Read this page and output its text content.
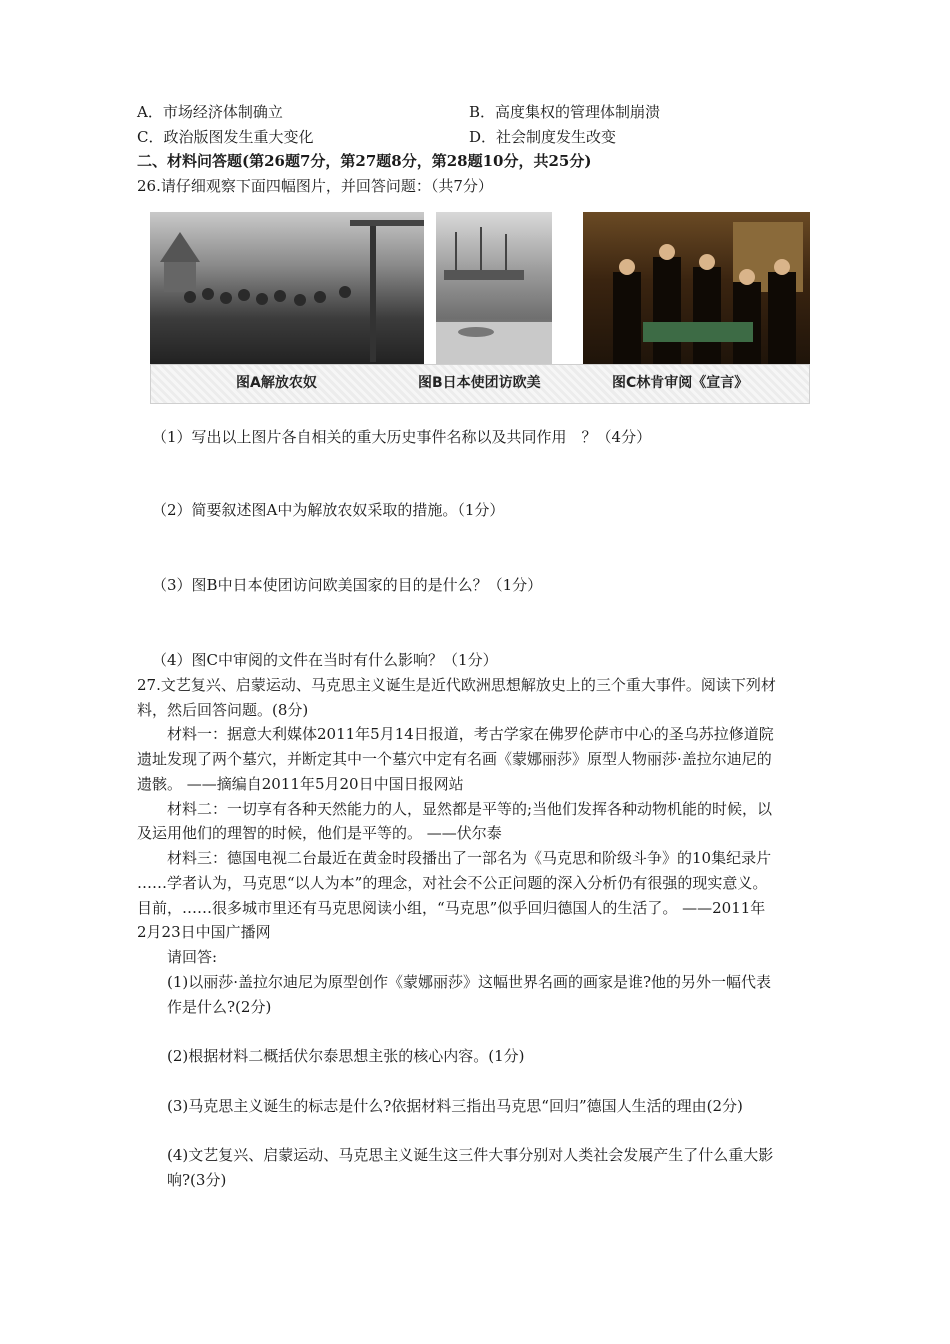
A．市场经济体制确立	B．高度集权的管理体制崩溃
C．政治版图发生重大变化	D．社会制度发生改变
二、材料问答题(第26题7分，第27题8分，第28题10分，共25分)
26.请仔细观察下面四幅图片，并回答问题：（共7分）
图A解放农奴	图B日本使团访欧美	图C林肯审阅《宣言》
（1）写出以上图片各自相关的重大历史事件名称以及共同作用　？（4分）
（2）简要叙述图A中为解放农奴采取的措施。（1分）
（3）图B中日本使团访问欧美国家的目的是什么？（1分）
（4）图C中审阅的文件在当时有什么影响？（1分）
27.文艺复兴、启蒙运动、马克思主义诞生是近代欧洲思想解放史上的三个重大事件。阅读下列材
料，然后回答问题。(8分)
材料一：据意大利媒体2011年5月14日报道，考古学家在佛罗伦萨市中心的圣乌苏拉修道院
遗址发现了两个墓穴，并断定其中一个墓穴中定有名画《蒙娜丽莎》原型人物丽莎·盖拉尔迪尼的
遗骸。 ——摘编自2011年5月20日中国日报网站
材料二：一切享有各种天然能力的人，显然都是平等的;当他们发挥各种动物机能的时候，以
及运用他们的理智的时候，他们是平等的。 ——伏尔泰
材料三：德国电视二台最近在黄金时段播出了一部名为《马克思和阶级斗争》的10集纪录片
……学者认为，马克思“以人为本”的理念，对社会不公正问题的深入分析仍有很强的现实意义。
目前，……很多城市里还有马克思阅读小组，“马克思”似乎回归德国人的生活了。 ——2011年
2月23日中国广播网
请回答:
(1)以丽莎·盖拉尔迪尼为原型创作《蒙娜丽莎》这幅世界名画的画家是谁?他的另外一幅代表
作是什么?(2分)
(2)根据材料二概括伏尔泰思想主张的核心内容。(1分)
(3)马克思主义诞生的标志是什么?依据材料三指出马克思“回归”德国人生活的理由(2分)
(4)文艺复兴、启蒙运动、马克思主义诞生这三件大事分别对人类社会发展产生了什么重大影
响?(3分)
